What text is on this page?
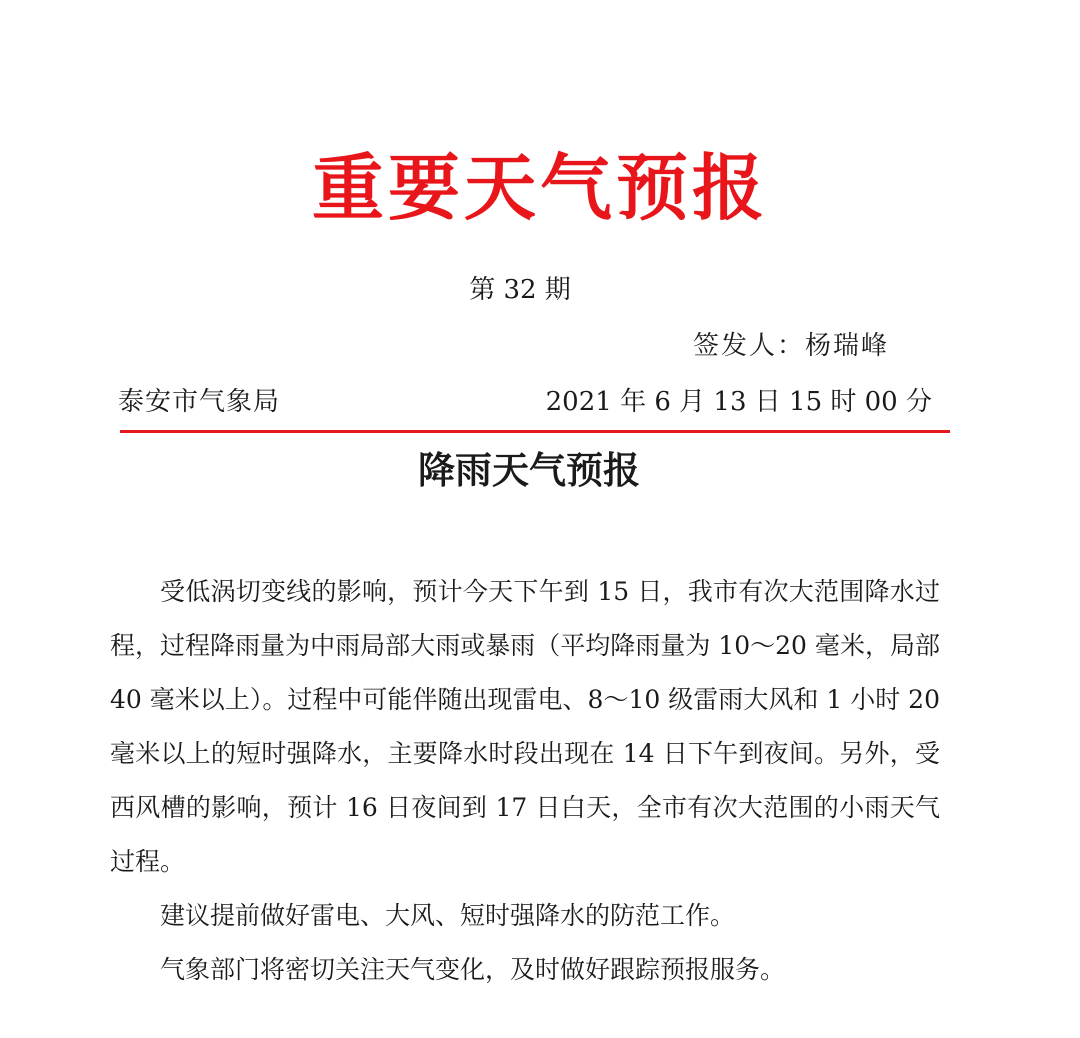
重要天气预报
第 32 期
签发人：杨瑞峰
泰安市气象局	2021 年 6 月 13 日 15 时 00 分
降雨天气预报

受低涡切变线的影响，预计今天下午到 15 日，我市有次大范围降水过程，过程降雨量为中雨局部大雨或暴雨（平均降雨量为 10～20 毫米，局部 40 毫米以上）。过程中可能伴随出现雷电、8～10 级雷雨大风和 1 小时 20 毫米以上的短时强降水，主要降水时段出现在 14 日下午到夜间。另外，受西风槽的影响，预计 16 日夜间到 17 日白天，全市有次大范围的小雨天气过程。

建议提前做好雷电、大风、短时强降水的防范工作。

气象部门将密切关注天气变化，及时做好跟踪预报服务。
